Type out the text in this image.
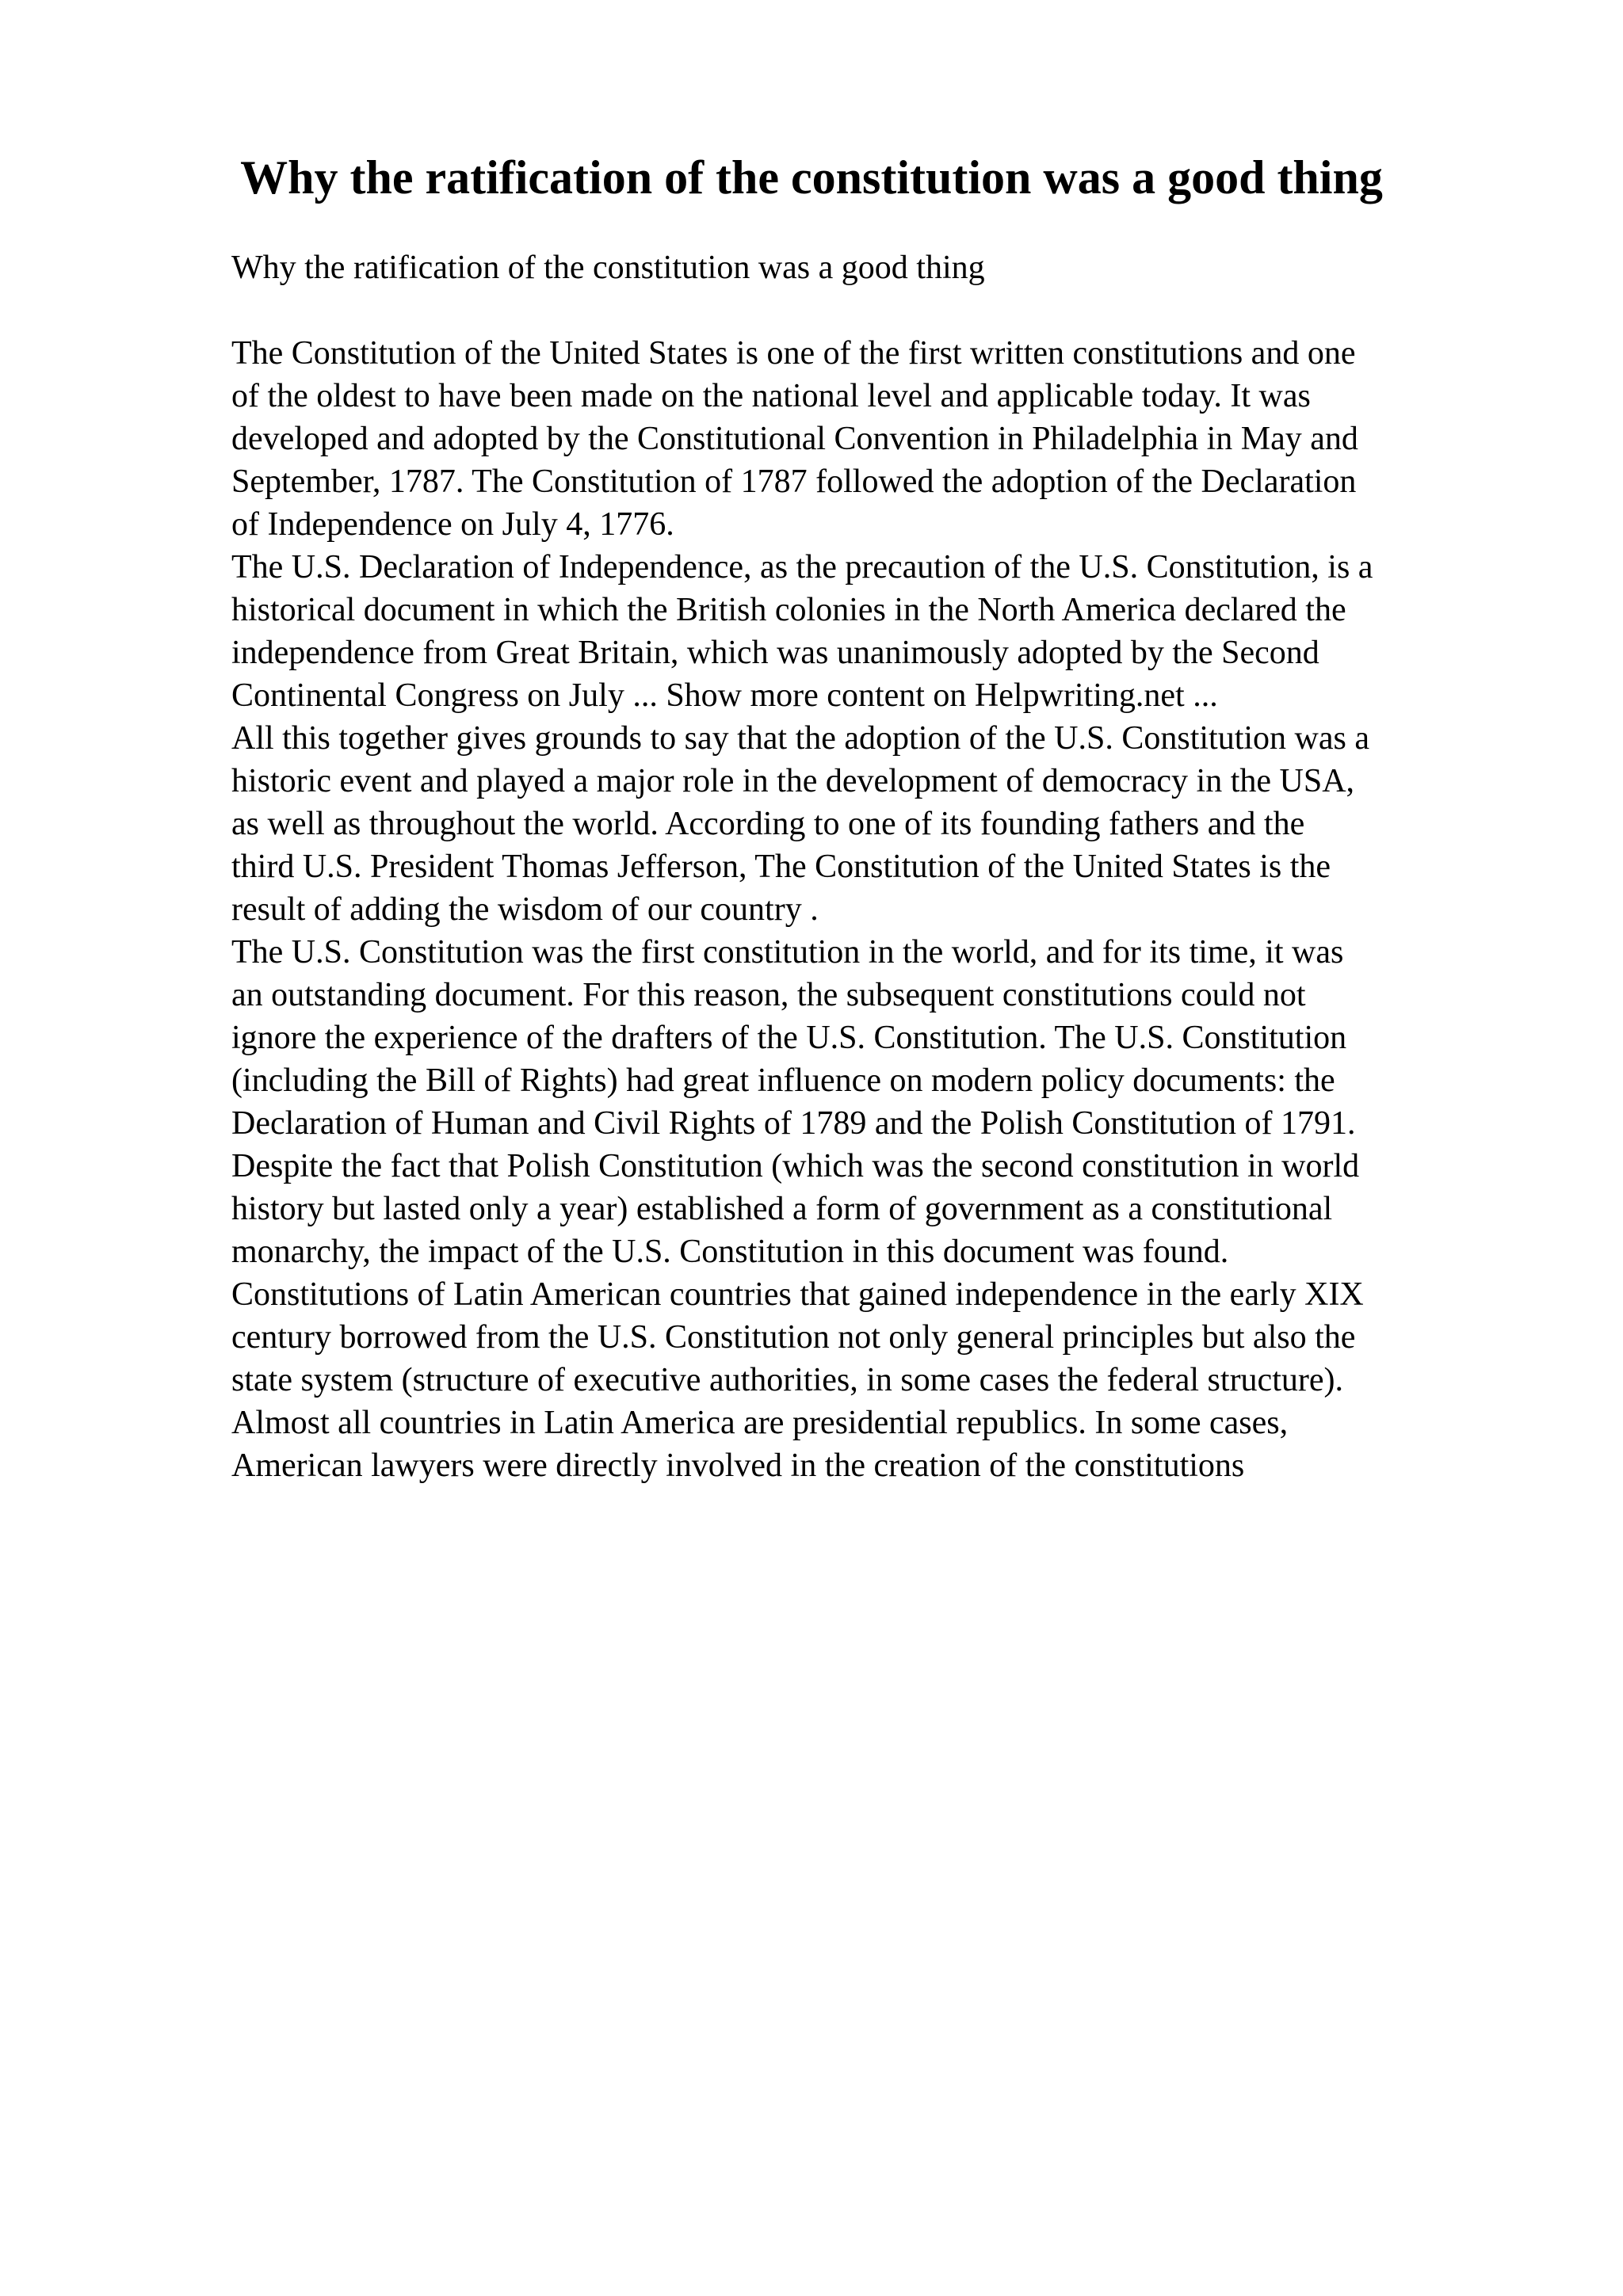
Why the ratification of the constitution was a good thing
Why the ratification of the constitution was a good thing
The Constitution of the United States is one of the first written constitutions and one
of the oldest to have been made on the national level and applicable today. It was
developed and adopted by the Constitutional Convention in Philadelphia in May and
September, 1787. The Constitution of 1787 followed the adoption of the Declaration
of Independence on July 4, 1776.
The U.S. Declaration of Independence, as the precaution of the U.S. Constitution, is a
historical document in which the British colonies in the North America declared the
independence from Great Britain, which was unanimously adopted by the Second
Continental Congress on July ... Show more content on Helpwriting.net ...
All this together gives grounds to say that the adoption of the U.S. Constitution was a
historic event and played a major role in the development of democracy in the USA,
as well as throughout the world. According to one of its founding fathers and the
third U.S. President Thomas Jefferson, The Constitution of the United States is the
result of adding the wisdom of our country .
The U.S. Constitution was the first constitution in the world, and for its time, it was
an outstanding document. For this reason, the subsequent constitutions could not
ignore the experience of the drafters of the U.S. Constitution. The U.S. Constitution
(including the Bill of Rights) had great influence on modern policy documents: the
Declaration of Human and Civil Rights of 1789 and the Polish Constitution of 1791.
Despite the fact that Polish Constitution (which was the second constitution in world
history but lasted only a year) established a form of government as a constitutional
monarchy, the impact of the U.S. Constitution in this document was found.
Constitutions of Latin American countries that gained independence in the early XIX
century borrowed from the U.S. Constitution not only general principles but also the
state system (structure of executive authorities, in some cases the federal structure).
Almost all countries in Latin America are presidential republics. In some cases,
American lawyers were directly involved in the creation of the constitutions
